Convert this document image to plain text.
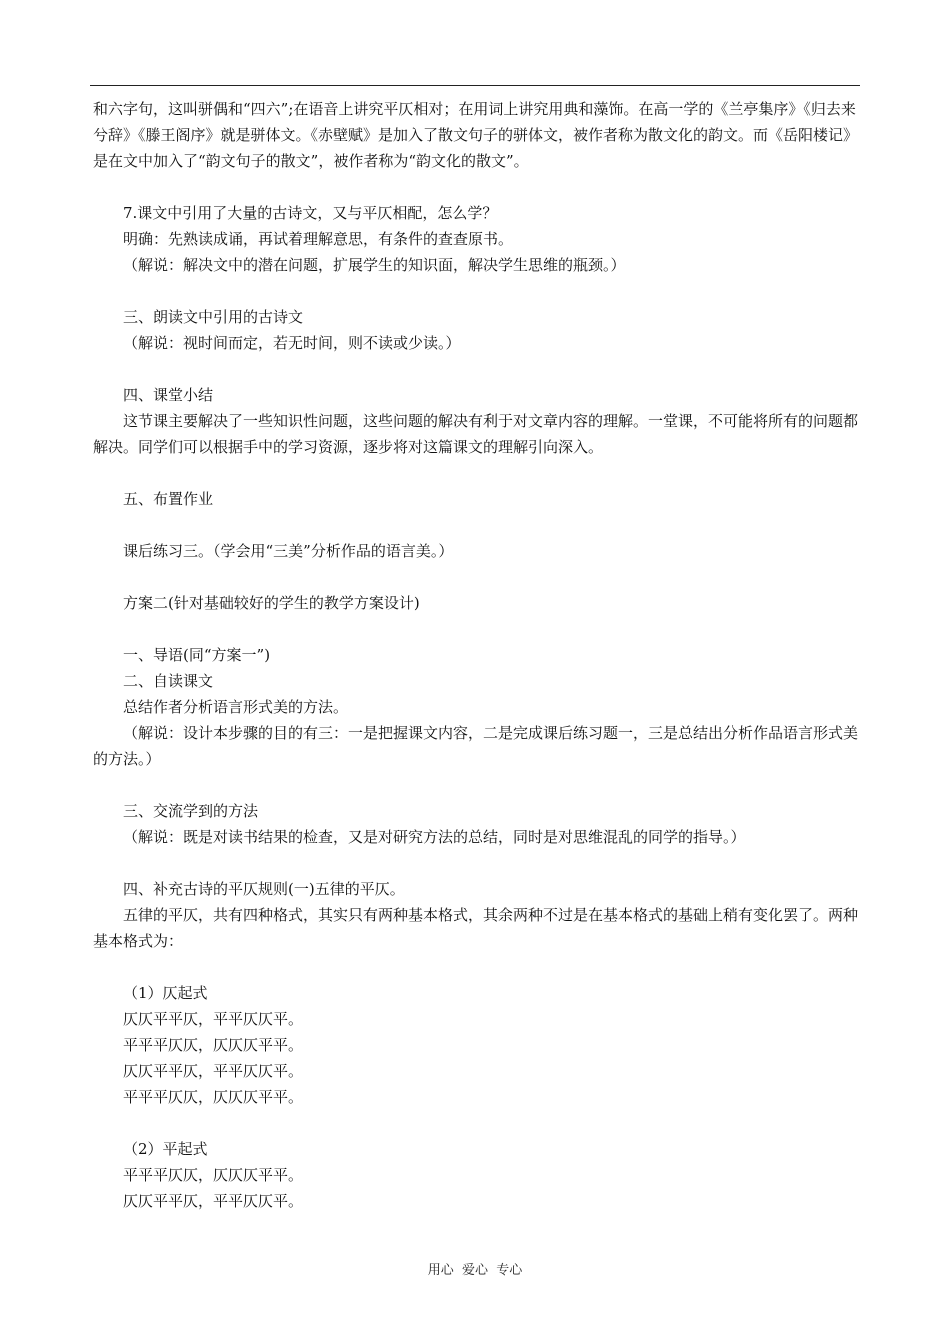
和六字句，这叫骈偶和“四六”;在语音上讲究平仄相对；在用词上讲究用典和藻饰。在高一学的《兰亭集序》《归去来兮辞》《滕王阁序》就是骈体文。《赤壁赋》是加入了散文句子的骈体文，被作者称为散文化的韵文。而《岳阳楼记》是在文中加入了“韵文句子的散文”，被作者称为“韵文化的散文”。

7.课文中引用了大量的古诗文，又与平仄相配，怎么学？

明确：先熟读成诵，再试着理解意思，有条件的查查原书。

（解说：解决文中的潜在问题，扩展学生的知识面，解决学生思维的瓶颈。）

三、朗读文中引用的古诗文

（解说：视时间而定，若无时间，则不读或少读。）

四、课堂小结

这节课主要解决了一些知识性问题，这些问题的解决有利于对文章内容的理解。一堂课，不可能将所有的问题都解决。同学们可以根据手中的学习资源，逐步将对这篇课文的理解引向深入。

五、布置作业

课后练习三。（学会用“三美”分析作品的语言美。）

方案二(针对基础较好的学生的教学方案设计)

一、导语(同“方案一”)

二、自读课文

总结作者分析语言形式美的方法。

（解说：设计本步骤的目的有三：一是把握课文内容，二是完成课后练习题一，三是总结出分析作品语言形式美的方法。）

三、交流学到的方法

（解说：既是对读书结果的检查，又是对研究方法的总结，同时是对思维混乱的同学的指导。）

四、补充古诗的平仄规则(一)五律的平仄。

五律的平仄，共有四种格式，其实只有两种基本格式，其余两种不过是在基本格式的基础上稍有变化罢了。两种基本格式为：

（1）仄起式

仄仄平平仄，平平仄仄平。

平平平仄仄，仄仄仄平平。

仄仄平平仄，平平仄仄平。

平平平仄仄，仄仄仄平平。

（2）平起式

平平平仄仄，仄仄仄平平。

仄仄平平仄，平平仄仄平。

用心  爱心  专心
